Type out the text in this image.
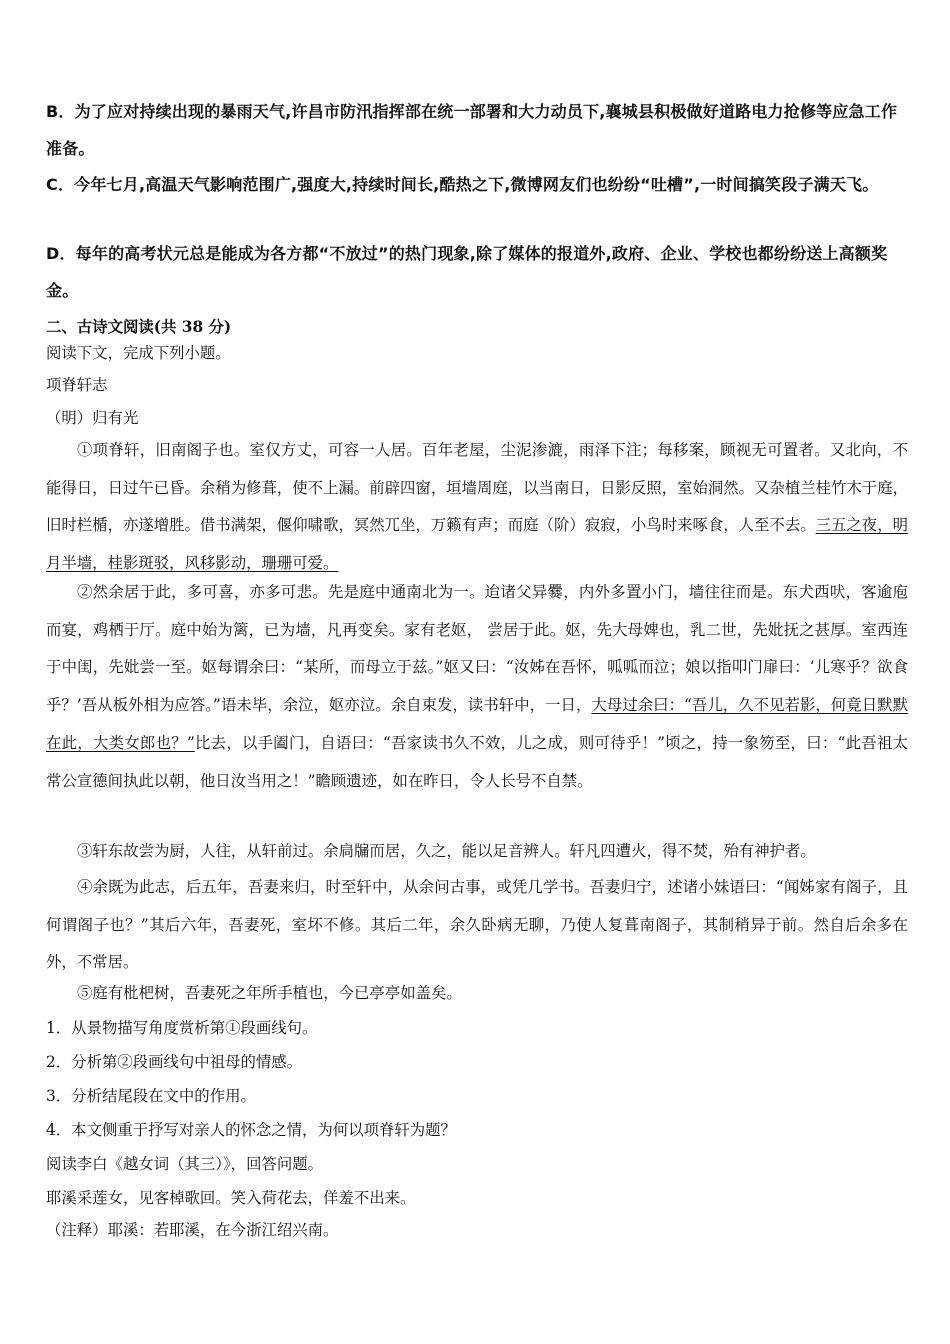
B．为了应对持续出现的暴雨天气,许昌市防汛指挥部在统一部署和大力动员下,襄城县积极做好道路电力抢修等应急工作准备。
C．今年七月,高温天气影响范围广,强度大,持续时间长,酷热之下,微博网友们也纷纷“吐槽”,一时间搞笑段子满天飞。
D．每年的高考状元总是能成为各方都“不放过”的热门现象,除了媒体的报道外,政府、企业、学校也都纷纷送上高额奖金。
二、古诗文阅读(共 38 分)
阅读下文，完成下列小题。
项脊轩志
（明）归有光
①项脊轩，旧南阁子也。室仅方丈，可容一人居。百年老屋，尘泥渗漉，雨泽下注；每移案，顾视无可置者。又北向，不能得日，日过午已昏。余稍为修葺，使不上漏。前辟四窗，垣墙周庭，以当南日，日影反照，室始洞然。又杂植兰桂竹木于庭，旧时栏楯，亦遂增胜。借书满架，偃仰啸歌，冥然兀坐，万籁有声；而庭（阶）寂寂，小鸟时来啄食，人至不去。三五之夜，明月半墙，桂影斑驳，风移影动，珊珊可爱。
②然余居于此，多可喜，亦多可悲。先是庭中通南北为一。迨诸父异爨，内外多置小门，墙往往而是。东犬西吠，客逾庖而宴，鸡栖于厅。庭中始为篱，已为墙，凡再变矣。家有老妪， 尝居于此。妪，先大母婢也，乳二世，先妣抚之甚厚。室西连于中闺，先妣尝一至。妪每谓余曰：“某所，而母立于兹。”妪又曰：“汝姊在吾怀，呱呱而泣；娘以指叩门扉曰：‘儿寒乎？欲食乎？’吾从板外相为应答。”语未毕，余泣，妪亦泣。余自束发，读书轩中，一日，大母过余曰：“吾儿，久不见若影，何竟日默默在此，大类女郎也？”比去，以手阖门，自语曰：“吾家读书久不效，儿之成，则可待乎！”顷之，持一象笏至，曰：“此吾祖太常公宣德间执此以朝，他日汝当用之！”瞻顾遗迹，如在昨日，令人长号不自禁。
③轩东故尝为厨，人往，从轩前过。余扃牖而居，久之，能以足音辨人。轩凡四遭火，得不焚，殆有神护者。
④余既为此志，后五年，吾妻来归，时至轩中，从余问古事，或凭几学书。吾妻归宁，述诸小妹语曰：“闻姊家有阁子，且何谓阁子也？”其后六年，吾妻死，室坏不修。其后二年，余久卧病无聊，乃使人复葺南阁子，其制稍异于前。然自后余多在外，不常居。
⑤庭有枇杷树，吾妻死之年所手植也，今已亭亭如盖矣。
1．从景物描写角度赏析第①段画线句。
2．分析第②段画线句中祖母的情感。
3．分析结尾段在文中的作用。
4．本文侧重于抒写对亲人的怀念之情，为何以项脊轩为题？
阅读李白《越女词（其三）》，回答问题。
耶溪采莲女，见客棹歌回。笑入荷花去，佯羞不出来。
（注释）耶溪：若耶溪，在今浙江绍兴南。
